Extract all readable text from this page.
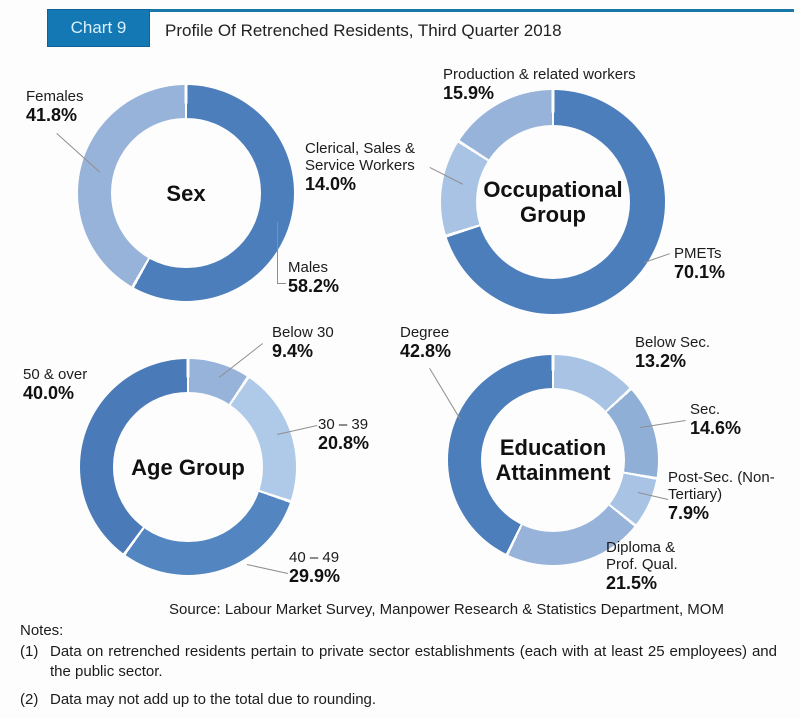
Chart 9	Profile Of Retrenched Residents, Third Quarter 2018
Sex
Females
41.8%
Males
58.2%
Occupational Group
Production & related workers
15.9%
Clerical, Sales & Service Workers
14.0%
PMETs
70.1%
Age Group
Below 30
9.4%
30 – 39
20.8%
40 – 49
29.9%
50 & over
40.0%
Education Attainment
Degree
42.8%	Below Sec.
13.2%
Sec.
14.6%
Post-Sec. (Non-Tertiary)
7.9%
Diploma & Prof. Qual.
21.5%
Source: Labour Market Survey, Manpower Research & Statistics Department, MOM
Notes:
(1) Data on retrenched residents pertain to private sector establishments (each with at least 25 employees) and the public sector.
(2) Data may not add up to the total due to rounding.
